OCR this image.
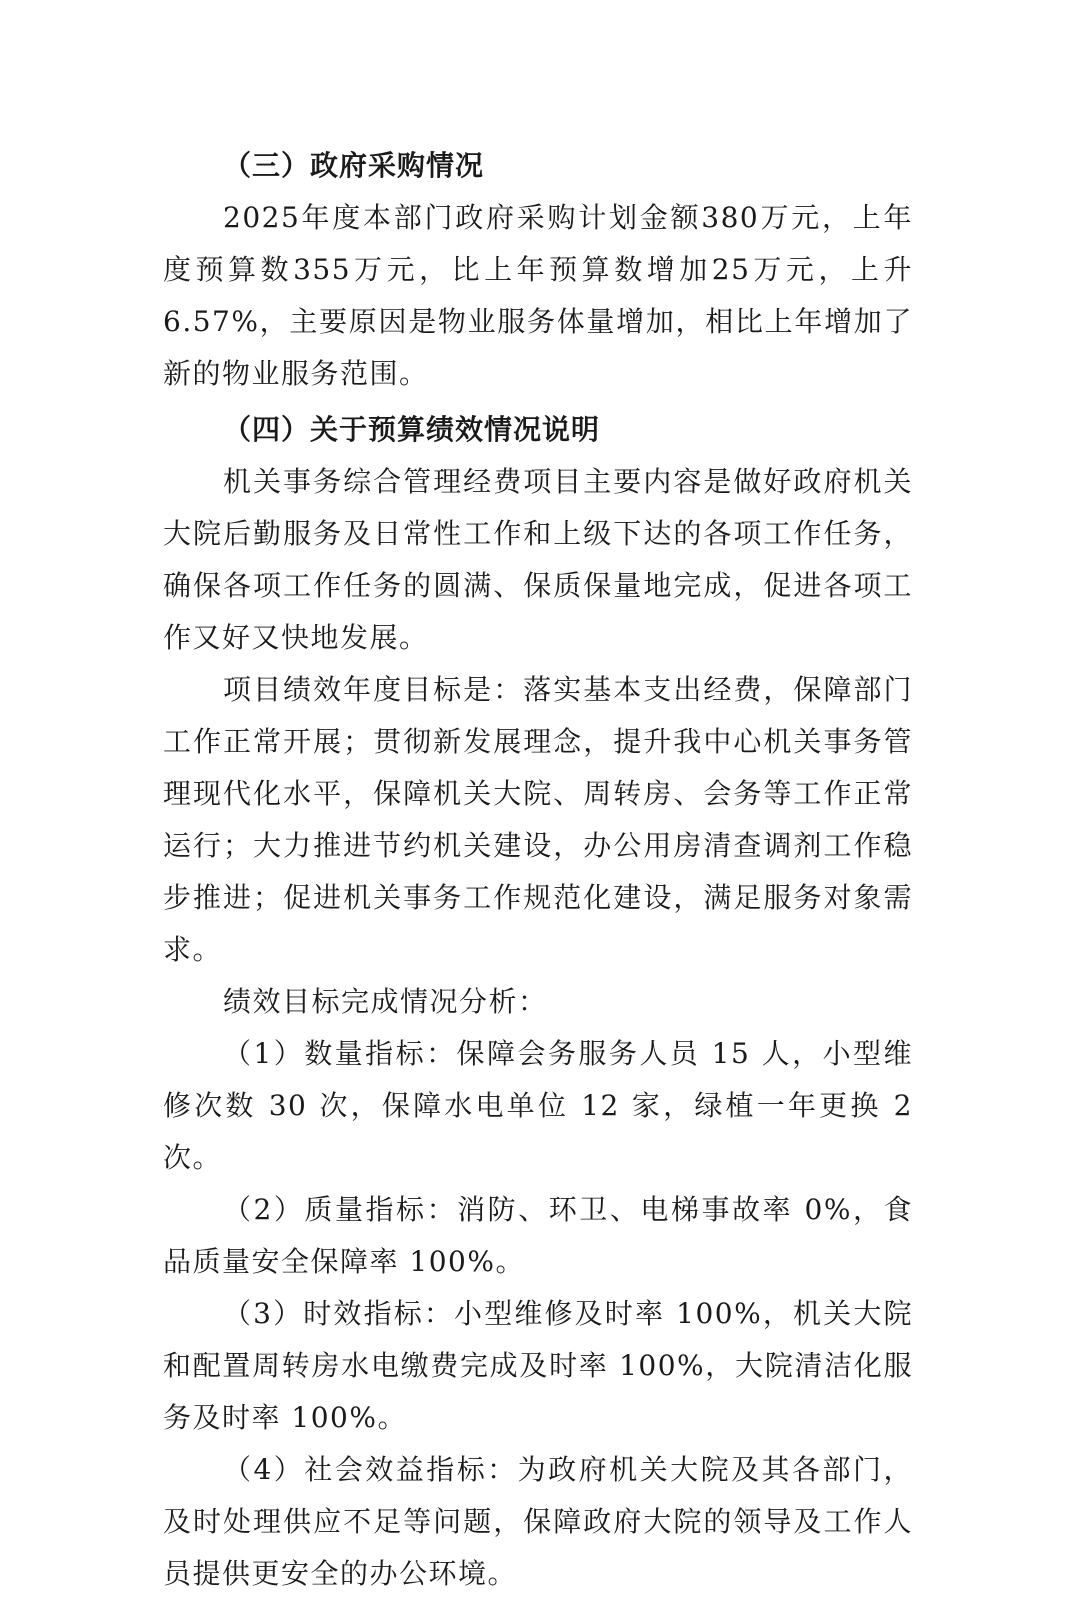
（三）政府采购情况

2025年度本部门政府采购计划金额380万元，上年度预算数355万元，比上年预算数增加25万元，上升6.57%，主要原因是物业服务体量增加，相比上年增加了新的物业服务范围。

（四）关于预算绩效情况说明

机关事务综合管理经费项目主要内容是做好政府机关大院后勤服务及日常性工作和上级下达的各项工作任务，确保各项工作任务的圆满、保质保量地完成，促进各项工作又好又快地发展。

项目绩效年度目标是：落实基本支出经费，保障部门工作正常开展；贯彻新发展理念，提升我中心机关事务管理现代化水平，保障机关大院、周转房、会务等工作正常运行；大力推进节约机关建设，办公用房清查调剂工作稳步推进；促进机关事务工作规范化建设，满足服务对象需求。

绩效目标完成情况分析：

（1）数量指标：保障会务服务人员 15 人，小型维修次数 30 次，保障水电单位 12 家，绿植一年更换 2 次。

（2）质量指标：消防、环卫、电梯事故率 0%，食品质量安全保障率 100%。

（3）时效指标：小型维修及时率 100%，机关大院和配置周转房水电缴费完成及时率 100%，大院清洁化服务及时率 100%。

（4）社会效益指标：为政府机关大院及其各部门，及时处理供应不足等问题，保障政府大院的领导及工作人员提供更安全的办公环境。
